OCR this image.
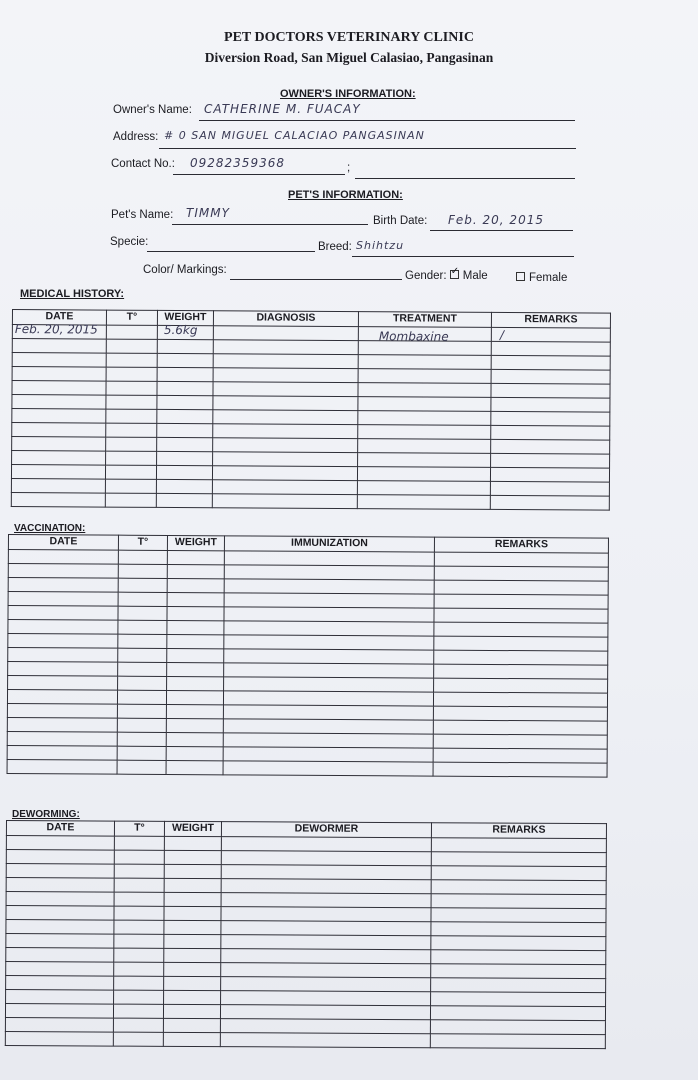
PET DOCTORS VETERINARY CLINIC
Diversion Road, San Miguel Calasiao, Pangasinan
OWNER'S INFORMATION:
Owner's Name: CATHERINE M. FUACAY
Address: # 0 SAN MIGUEL CALACIAO PANGASINAN
Contact No.: 09282359368	;
PET'S INFORMATION:
Pet's Name: TIMMY
Birth Date: Feb. 20, 2015
Specie:	Breed: Shihtzu
Color/ Markings:	Gender: ✓ Male	Female
MEDICAL HISTORY:
DATE	T°	WEIGHT	DIAGNOSIS	TREATMENT	REMARKS

Feb. 20, 2015		5.6kg		Mombaxine	/

VACCINATION:
DATE	T°	WEIGHT	IMMUNIZATION	REMARKS

DEWORMING:
DATE	T°	WEIGHT	DEWORMER	REMARKS
